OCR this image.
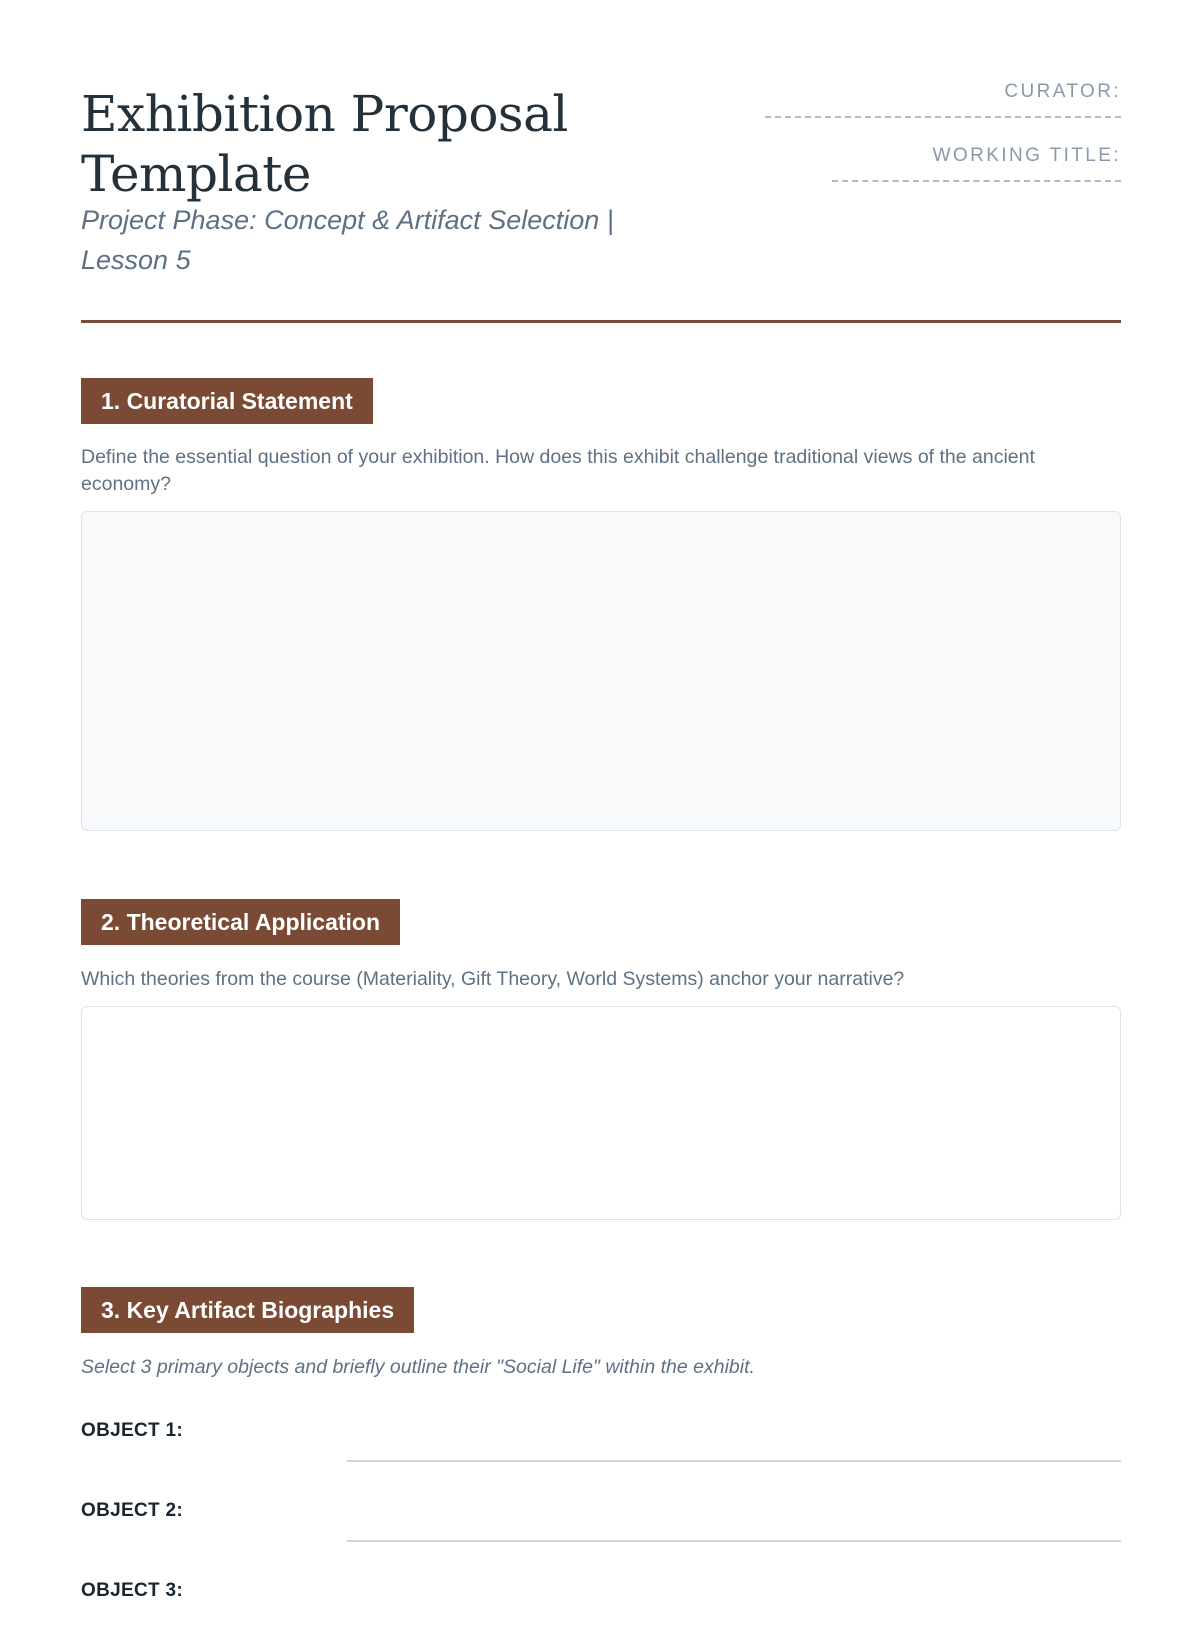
Exhibition Proposal Template

Project Phase: Concept & Artifact Selection | Lesson 5

CURATOR:
WORKING TITLE:
1. Curatorial Statement

Define the essential question of your exhibition. How does this exhibit challenge traditional views of the ancient economy?

2. Theoretical Application

Which theories from the course (Materiality, Gift Theory, World Systems) anchor your narrative?

3. Key Artifact Biographies

Select 3 primary objects and briefly outline their "Social Life" within the exhibit.

OBJECT 1:
OBJECT 2:
OBJECT 3:
